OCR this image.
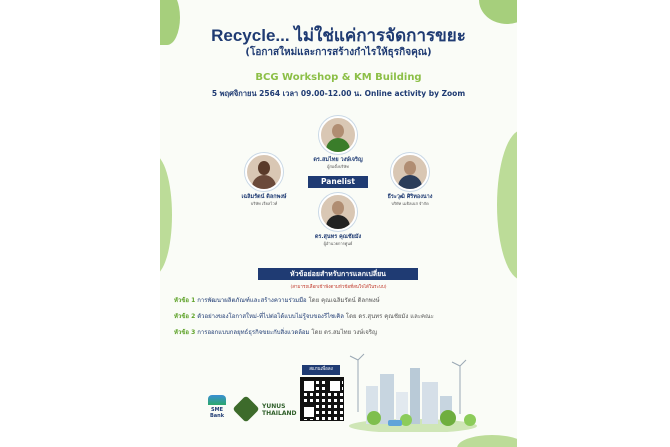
Recycle... ไม่ใช่แค่การจัดการขยะ
(โอกาสใหม่และการสร้างกำไรให้ธุรกิจคุณ)
BCG Workshop & KM Building
5 พฤศจิกายน 2564 เวลา 09.00-12.00 น. Online activity by Zoom
ดร.สมไทย วงษ์เจริญ
ผู้ก่อตั้งบริษัท
เฉลิมรัตน์ ดิลกพงษ์
บริษัท เรียลไวท์
ธีระวุฒิ ศิริทองนาง
บริษัท เมธิลเบส จำกัด
Panelist
ดร.สุนทร คุณชัยมัง
ผู้อำนวยการศูนย์
หัวข้อย่อยสำหรับการแลกเปลี่ยน
(สามารถเลือกเข้าฟังตามหัวข้อที่สนใจได้ในระบบ)
หัวข้อ 1 การพัฒนาผลิตภัณฑ์และสร้างความร่วมมือ โดย คุณเฉลิมรัตน์ ดิลกพงษ์
หัวข้อ 2 ตัวอย่างของโอกาสใหม่-ที่ไปต่อได้แบบไม่รู้จบของรีไซเคิล โดย ดร.สุนทร คุณชัยมัง และคณะ
หัวข้อ 3 การออกแบบกลยุทธ์ธุรกิจขยะกับสิ่งแวดล้อม โดย ดร.สมไทย วงษ์เจริญ
SME Bank
YUNUS THAILAND
สแกนเพื่อลง
